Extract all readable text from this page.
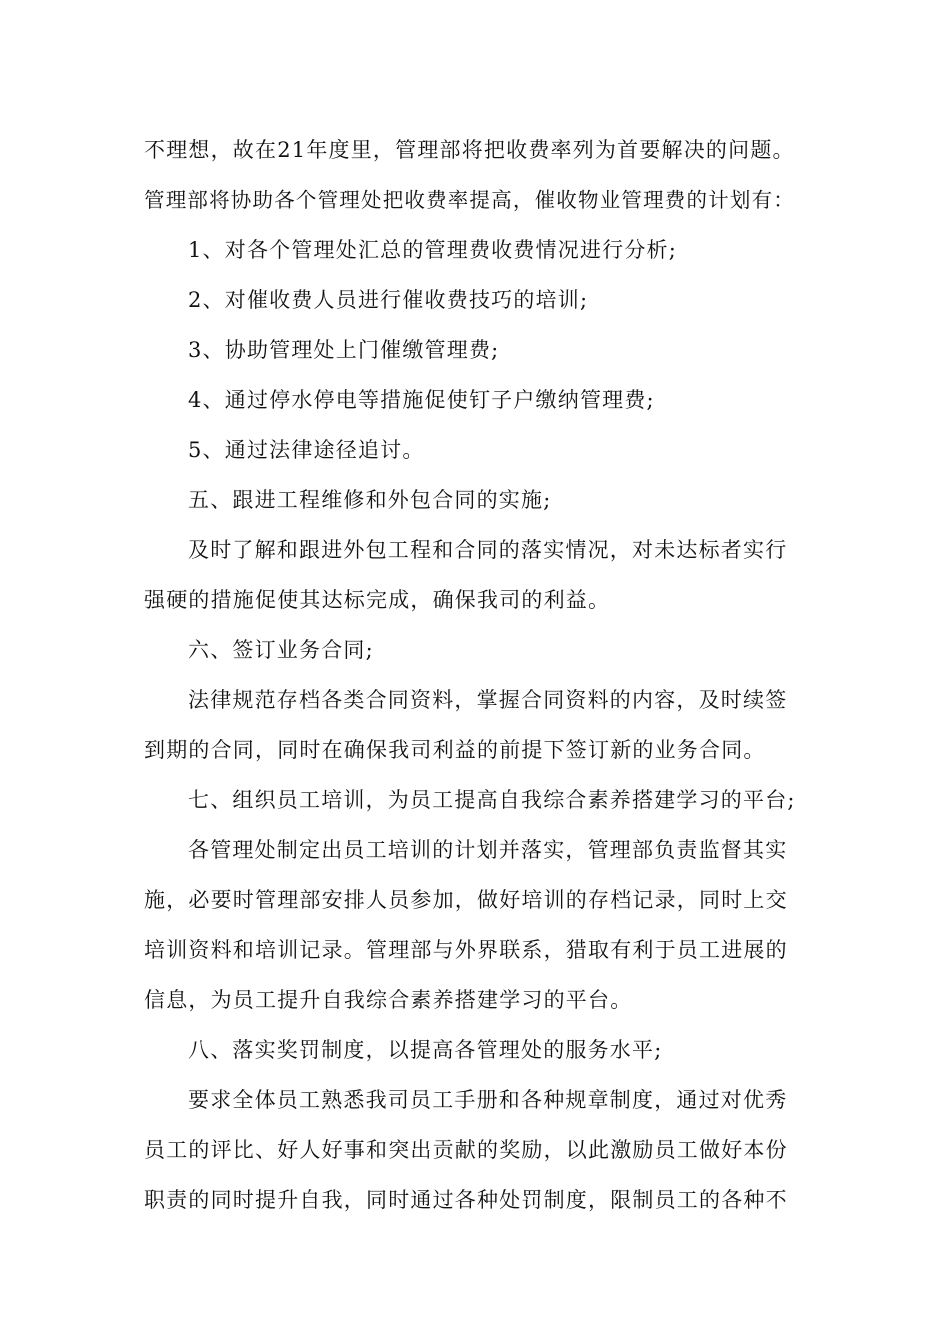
不理想，故在21年度里，管理部将把收费率列为首要解决的问题。
管理部将协助各个管理处把收费率提高，催收物业管理费的计划有：
1、对各个管理处汇总的管理费收费情况进行分析;
2、对催收费人员进行催收费技巧的培训;
3、协助管理处上门催缴管理费;
4、通过停水停电等措施促使钉子户缴纳管理费;
5、通过法律途径追讨。
五、跟进工程维修和外包合同的实施;
及时了解和跟进外包工程和合同的落实情况，对未达标者实行
强硬的措施促使其达标完成，确保我司的利益。
六、签订业务合同;
法律规范存档各类合同资料，掌握合同资料的内容，及时续签
到期的合同，同时在确保我司利益的前提下签订新的业务合同。
七、组织员工培训，为员工提高自我综合素养搭建学习的平台;
各管理处制定出员工培训的计划并落实，管理部负责监督其实
施，必要时管理部安排人员参加，做好培训的存档记录，同时上交
培训资料和培训记录。管理部与外界联系，猎取有利于员工进展的
信息，为员工提升自我综合素养搭建学习的平台。
八、落实奖罚制度，以提高各管理处的服务水平;
要求全体员工熟悉我司员工手册和各种规章制度，通过对优秀
员工的评比、好人好事和突出贡献的奖励，以此激励员工做好本份
职责的同时提升自我，同时通过各种处罚制度，限制员工的各种不
